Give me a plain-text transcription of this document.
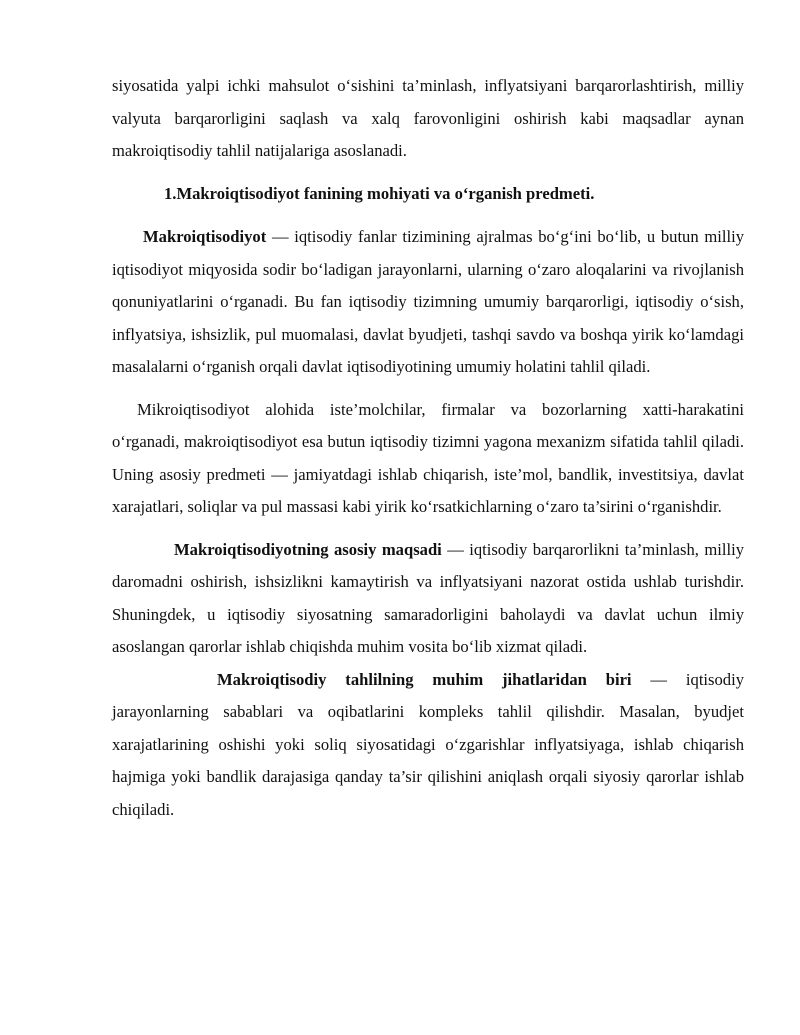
siyosatida yalpi ichki mahsulot o‘sishini ta’minlash, inflyatsiyani barqarorlashtirish, milliy valyuta barqarorligini saqlash va xalq farovonligini oshirish kabi maqsadlar aynan makroiqtisodiy tahlil natijalariga asoslanadi.

1.Makroiqtisodiyot fanining mohiyati va o‘rganish predmeti.

Makroiqtisodiyot — iqtisodiy fanlar tizimining ajralmas bo‘g‘ini bo‘lib, u butun milliy iqtisodiyot miqyosida sodir bo‘ladigan jarayonlarni, ularning o‘zaro aloqalarini va rivojlanish qonuniyatlarini o‘rganadi. Bu fan iqtisodiy tizimning umumiy barqarorligi, iqtisodiy o‘sish, inflyatsiya, ishsizlik, pul muomalasi, davlat byudjeti, tashqi savdo va boshqa yirik ko‘lamdagi masalalarni o‘rganish orqali davlat iqtisodiyotining umumiy holatini tahlil qiladi.

Mikroiqtisodiyot alohida iste’molchilar, firmalar va bozorlarning xatti-harakatini o‘rganadi, makroiqtisodiyot esa butun iqtisodiy tizimni yagona mexanizm sifatida tahlil qiladi. Uning asosiy predmeti — jamiyatdagi ishlab chiqarish, iste’mol, bandlik, investitsiya, davlat xarajatlari, soliqlar va pul massasi kabi yirik ko‘rsatkichlarning o‘zaro ta’sirini o‘rganishdir.

Makroiqtisodiyotning asosiy maqsadi — iqtisodiy barqarorlikni ta’minlash, milliy daromadni oshirish, ishsizlikni kamaytirish va inflyatsiyani nazorat ostida ushlab turishdir. Shuningdek, u iqtisodiy siyosatning samaradorligini baholaydi va davlat uchun ilmiy asoslangan qarorlar ishlab chiqishda muhim vosita bo‘lib xizmat qiladi.

Makroiqtisodiy tahlilning muhim jihatlaridan biri — iqtisodiy jarayonlarning sabablari va oqibatlarini kompleks tahlil qilishdir. Masalan, byudjet xarajatlarining oshishi yoki soliq siyosatidagi o‘zgarishlar inflyatsiyaga, ishlab chiqarish hajmiga yoki bandlik darajasiga qanday ta’sir qilishini aniqlash orqali siyosiy qarorlar ishlab chiqiladi.
